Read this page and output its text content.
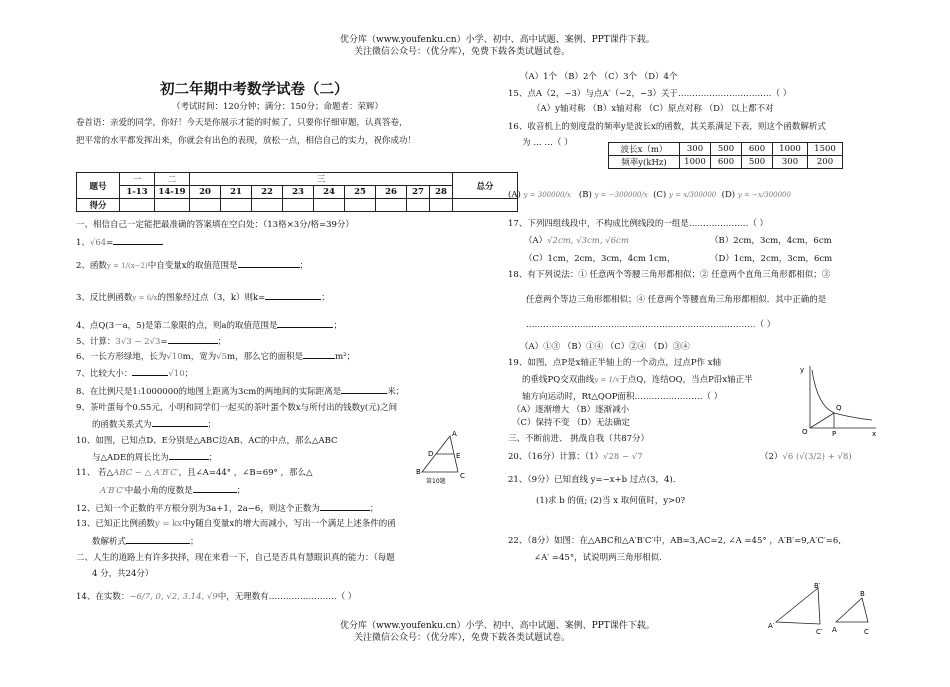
优分库（www.youfenku.cn）小学、初中、高中试题、案例、PPT课件下载。
关注微信公众号：（优分库），免费下载各类试题试卷。
初二年期中考数学试卷（二）
（考试时间：120分钟；满分：150分；命题者：荣辉）
卷首语：亲爱的同学，你好！今天是你展示才能的时候了，只要你仔细审题，认真答卷，
把平常的水平都发挥出来，你就会有出色的表现，放松一点，相信自己的实力，祝你成功！
题号	一	二	三									总分
	1-13	14-19	20	21	22	23	24	25	26	27	28	
得分												
一、相信自己一定能把最准确的答案填在空白处：（13格×3分/格=39分）
1、√64=
2、函数y = 1/(x−2)中自变量x的取值范围是	；
3、反比例函数y = 6/x的图象经过点（3，k）则k=	；
4、点Q(3－a，5)是第二象限的点，则a的取值范围是	；
5、计算：3√3 − 2√3=	；
6、一长方形绿地，长为√10m，宽为√5m，那么它的面积是	m²；
7、比较大小：	√10；
8、在比例尺是1:1000000的地图上距离为3cm的两地间的实际距离是	米；
9、茶叶蛋每个0.55元，小明和同学们一起买的茶叶蛋个数x与所付出的钱数y(元)之间
的函数关系式为	；
10、如图，已知点D、E分别是△ABC边AB、AC的中点，那么△ABC
与△ADE的周长比为	；
11、 若△ABC ∽ △ A′B′C′，且∠A=44° ，∠B=69° ，那么△
A′B′C′中最小角的度数是	；
12、已知一个正数的平方根分别为3a+1，2a−6，则这个正数为	；
13、已知正比例函数y = kx中y随自变量x的增大而减小，写出一个满足上述条件的函
数解析式	；
二、人生的道路上有许多抉择，现在来看一下，自己是否具有慧眼识真的能力：（每题
4 分，共24分）
14、在实数：−6/7, 0, √2, 3.14, √9中，无理数有……………………（ ）
A
D	E
B	C
第10题
（A）1个 （B）2个 （C）3个 （D）4个
15、点A（2，−3）与点A′（−2，−3）关于……………………………（ ）
（A）y轴对称 （B）x轴对称 （C）原点对称 （D） 以上都不对
16、收音机上的刻度盘的频率y是波长x的函数，其关系满足下表，则这个函数解析式
为 … …（ ）
波长x（m）	300	500	600	1000	1500
频率y(kHz)	1000	600	500	300	200
(A) y = 300000/x (B) y = −300000/x (C) y = x/300000 (D) y = −x/300000
17、下列四组线段中，不构成比例线段的一组是…………………（ ）
（A）√2cm, √3cm, √6cm	（B）2cm，3cm，4cm，6cm
（C）1cm，2cm，3cm，4cm 1cm，	（D）1cm，2cm，3cm，6cm
18、有下列说法：① 任意两个等腰三角形都相似；② 任意两个直角三角形都相似；③
任意两个等边三角形都相似；④ 任意两个等腰直角三角形都相似．其中正确的是
………………………………………………………………………（ ）
（A）①③ （B）①④ （C）②④ （D）③④
19、如图，点P是x轴正半轴上的一个动点，过点P作 x轴
的垂线PQ交双曲线y = 1/x于点Q，连结OQ，当点P沿x轴正半
轴方向运动时，Rt△QOP面积……………………（ ）
（A）逐渐增大 （B）逐渐减小
（C）保持不变 （D）无法确定
y
x
O	P
Q
三、不断前进、 挑战自我（共87分）
20、（16分）计算：（1）√28 − √7	（2）√6 (√(3/2) + √8)
21、（9分）已知直线 y=−x+b 过点(3，4)．
(1)求 b 的值; (2)当 x 取何值时，y>0?
22、（8分）如图：在△ABC和△A′B′C′中，AB=3,AC=2, ∠A =45° ，A′B′=9,A′C′=6,
∠A′ =45°，试说明两三角形相似.
A′
B′
C′ A
B
C
优分库（www.youfenku.cn）小学、初中、高中试题、案例、PPT课件下载。
关注微信公众号：（优分库），免费下载各类试题试卷。
